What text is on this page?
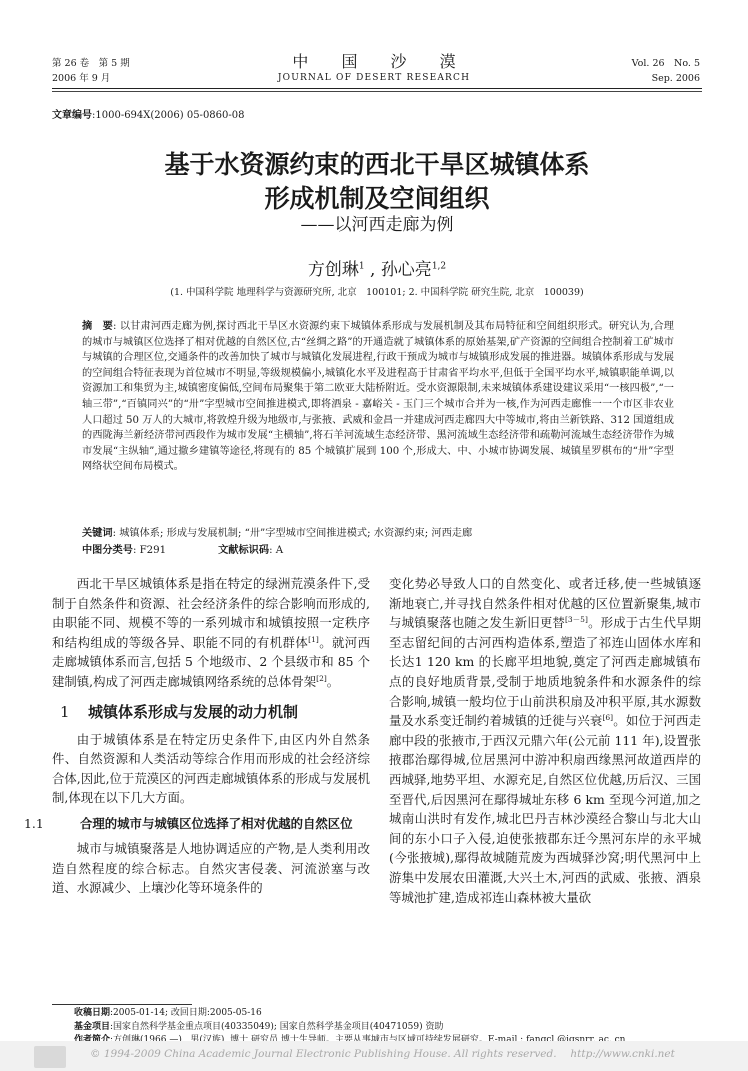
第 26 卷　第 5 期
2006 年 9 月
中 国 沙 漠
JOURNAL OF DESERT RESEARCH
Vol. 26　No. 5
Sep. 2006
文章编号:1000-694X(2006) 05-0860-08
基于水资源约束的西北干旱区城镇体系
形成机制及空间组织
——以河西走廊为例
方创琳$^1$ , 孙心亮$^{1,2}$
(1. 中国科学院 地理科学与资源研究所, 北京　100101; 2. 中国科学院 研究生院, 北京　100039)
摘　要: 以甘肃河西走廊为例,探讨西北干旱区水资源约束下城镇体系形成与发展机制及其布局特征和空间组织形式。研究认为,合理的城市与城镇区位选择了相对优越的自然区位,古“丝绸之路”的开通造就了城镇体系的原始基架,矿产资源的空间组合控制着工矿城市与城镇的合理区位,交通条件的改善加快了城市与城镇化发展进程,行政干预成为城市与城镇形成发展的推进器。城镇体系形成与发展的空间组合特征表现为首位城市不明显,等级规模偏小,城镇化水平及进程高于甘肃省平均水平,但低于全国平均水平,城镇职能单调,以资源加工和集贸为主,城镇密度偏低,空间布局聚集于第二欧亚大陆桥附近。受水资源限制,未来城镇体系建设建议采用“一核四极”,“一轴三带”,“百镇同兴”的“卅”字型城市空间推进模式,即将酒泉 - 嘉峪关 - 玉门三个城市合并为一核,作为河西走廊惟一一个市区非农业人口超过 50 万人的大城市,将敦煌升级为地级市,与张掖、武威和金昌一并建成河西走廊四大中等城市,将由兰新铁路、312 国道组成的西陇海兰新经济带河西段作为城市发展“主横轴”,将石羊河流域生态经济带、黑河流域生态经济带和疏勒河流域生态经济带作为城市发展“主纵轴”,通过撤乡建镇等途径,将现有的 85 个城镇扩展到 100 个,形成大、中、小城市协调发展、城镇星罗棋布的“卅”字型网络状空间布局模式。
关键词: 城镇体系; 形成与发展机制; “卅”字型城市空间推进模式; 水资源约束; 河西走廊
中图分类号: F291	文献标识码: A

西北干旱区城镇体系是指在特定的绿洲荒漠条件下,受制于自然条件和资源、社会经济条件的综合影响而形成的,由职能不同、规模不等的一系列城市和城镇按照一定秩序和结构组成的等级各异、职能不同的有机群体[1]。就河西走廊城镇体系而言,包括 5 个地级市、2 个县级市和 85 个建制镇,构成了河西走廊城镇网络系统的总体骨架[2]。

1 城镇体系形成与发展的动力机制

由于城镇体系是在特定历史条件下,由区内外自然条件、自然资源和人类活动等综合作用而形成的社会经济综合体,因此,位于荒漠区的河西走廊城镇体系的形成与发展机制,体现在以下几大方面。

1.1	合理的城市与城镇区位选择了相对优越的自然区位

城市与城镇聚落是人地协调适应的产物,是人类利用改造自然程度的综合标志。自然灾害侵袭、河流淤塞与改道、水源减少、上壤沙化等环境条件的

变化势必导致人口的自然变化、或者迁移,使一些城镇逐渐地衰亡,并寻找自然条件相对优越的区位置新聚集,城市与城镇聚落也随之发生新旧更替[3－5]。形成于古生代早期至志留纪间的古河西构造体系,塑造了祁连山固体水库和长达1 120 km 的长廊平坦地貌,奠定了河西走廊城镇布点的良好地质背景,受制于地质地貌条件和水源条件的综合影响,城镇一般均位于山前洪积扇及冲积平原,其水源数量及水系变迁制约着城镇的迁徙与兴衰[6]。如位于河西走廊中段的张掖市,于西汉元鼎六年(公元前 111 年),设置张掖郡治鄢得城,位居黑河中游冲积扇西缘黑河故道西岸的西城驿,地势平坦、水源充足,自然区位优越,历后汉、三国至晋代,后因黑河在鄢得城址东移 6 km 至现今河道,加之城南山洪时有发作,城北巴丹吉林沙漠经合黎山与北大山间的东小口子入侵,迫使张掖郡东迁今黑河东岸的永平城(今张掖城),鄢得故城随荒废为西城驿沙窝;明代黑河中上游集中发展农田灌溉,大兴土木,河西的武威、张掖、酒泉等城池扩建,造成祁连山森林被大量砍

收稿日期:2005-01-14; 改回日期:2005-05-16
基金项目:国家自然科学基金重点项目(40335049); 国家自然科学基金项目(40471059) 资助
© 1994-2009 China Academic Journal Electronic Publishing House. All rights reserved.　 http://www.cnki.net
